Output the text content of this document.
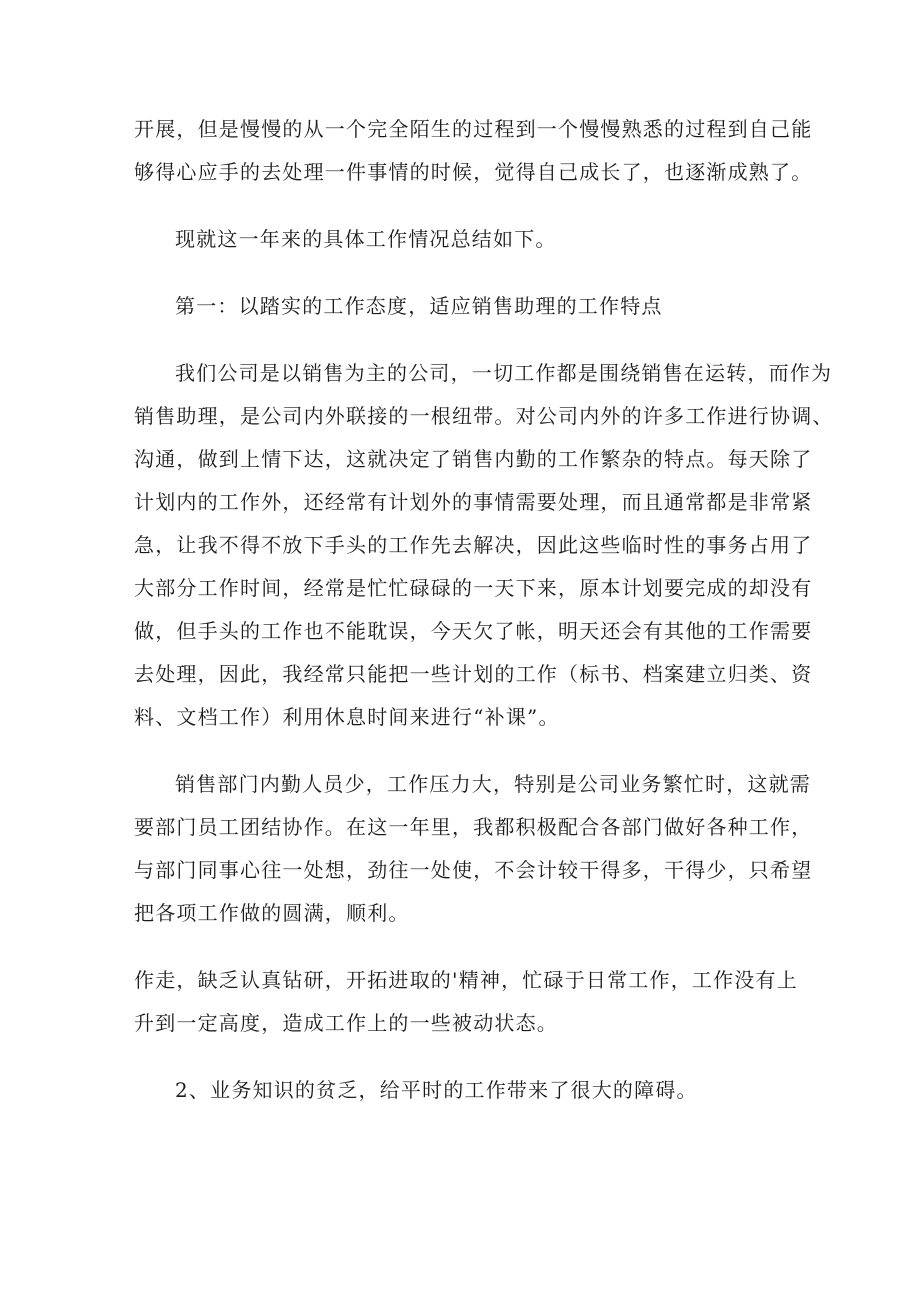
开展，但是慢慢的从一个完全陌生的过程到一个慢慢熟悉的过程到自己能
够得心应手的去处理一件事情的时候，觉得自己成长了，也逐渐成熟了。
现就这一年来的具体工作情况总结如下。
第一：以踏实的工作态度，适应销售助理的工作特点
我们公司是以销售为主的公司，一切工作都是围绕销售在运转，而作为
销售助理，是公司内外联接的一根纽带。对公司内外的许多工作进行协调、
沟通，做到上情下达，这就决定了销售内勤的工作繁杂的特点。每天除了
计划内的工作外，还经常有计划外的事情需要处理，而且通常都是非常紧
急，让我不得不放下手头的工作先去解决，因此这些临时性的事务占用了
大部分工作时间，经常是忙忙碌碌的一天下来，原本计划要完成的却没有
做，但手头的工作也不能耽误，今天欠了帐，明天还会有其他的工作需要
去处理，因此，我经常只能把一些计划的工作（标书、档案建立归类、资
料、文档工作）利用休息时间来进行“补课”。
销售部门内勤人员少，工作压力大，特别是公司业务繁忙时，这就需
要部门员工团结协作。在这一年里，我都积极配合各部门做好各种工作，
与部门同事心往一处想，劲往一处使，不会计较干得多，干得少，只希望
把各项工作做的圆满，顺利。
作走，缺乏认真钻研，开拓进取的'精神，忙碌于日常工作，工作没有上
升到一定高度，造成工作上的一些被动状态。
2、业务知识的贫乏，给平时的工作带来了很大的障碍。
